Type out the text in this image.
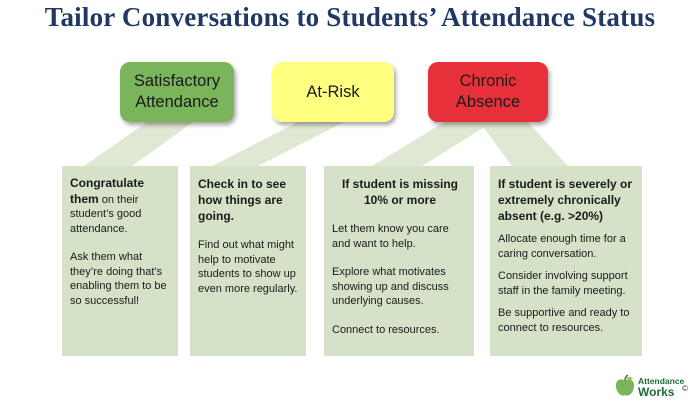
Tailor Conversations to Students’ Attendance Status
Satisfactory
Attendance
At-Risk
Chronic
Absence

Congratulate them on their student’s good attendance.

Ask them what they’re doing that’s enabling them to be so successful!

Check in to see how things are going.

Find out what might help to motivate students to show up even more regularly.

If student is missing 10% or more

Let them know you care and want to help.

Explore what motivates showing up and discuss underlying causes.

Connect to resources.

If student is severely or extremely chronically absent (e.g. >20%)

Allocate enough time for a caring conversation.

Consider involving support staff in the family meeting.

Be supportive and ready to connect to resources.

Attendance
Works ©
